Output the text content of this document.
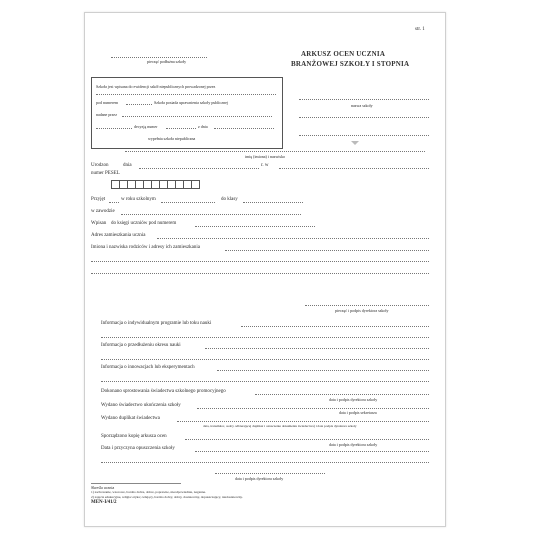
str. 1
pieczęć podłużna szkoły
ARKUSZ OCEN UCZNIA
BRANŻOWEJ SZKOŁY I STOPNIA
Szkoła jest wpisana do ewidencji szkół niepublicznych prowadzonej przez
pod numerem	Szkoła posiada uprawnienia szkoły publicznej
nadane przez
decyzją numer	z dnia
wypełnia szkoła niepubliczna
nazwa szkoły
imię (imiona) i nazwisko
Urodzon	dnia	r. w
numer PESEL
Przyjęt	w roku szkolnym	do klasy
w zawodzie
Wpisan do księgi uczniów pod numerem
Adres zamieszkania ucznia
Imiona i nazwiska rodziców i adresy ich zamieszkania
pieczęć i podpis dyrektora szkoły
Informacja o indywidualnym programie lub toku nauki
Informacja o przedłużeniu okresu nauki
Informacja o innowacjach lub eksperymentach
Dokonano sprostowania świadectwa szkolnego promocyjnego
data i podpis dyrektora szkoły
Wydano świadectwo ukończenia szkoły
data i podpis sekretarza
Wydano duplikat świadectwa
data, transmitor, osoby odbierającej duplikat i oznaczenie dokumentu świadectwa) i data podpis dyrektora szkoły
Sporządzono kopię arkusza ocen
data i podpis dyrektora szkoły
Data i przyczyna opuszczenia szkoły
data i podpis dyrektora szkoły
Skreśla ucznia
1) zachowanie, wzorowe, bardzo dobre, dobre, poprawne, nieodpowiednie, naganne.
2) zajęcia edukacyjne, religia/ etyka; celujący, bardzo dobry, dobry, dostateczny, dopuszczający, niedostateczny.
MEN-I/41/2
